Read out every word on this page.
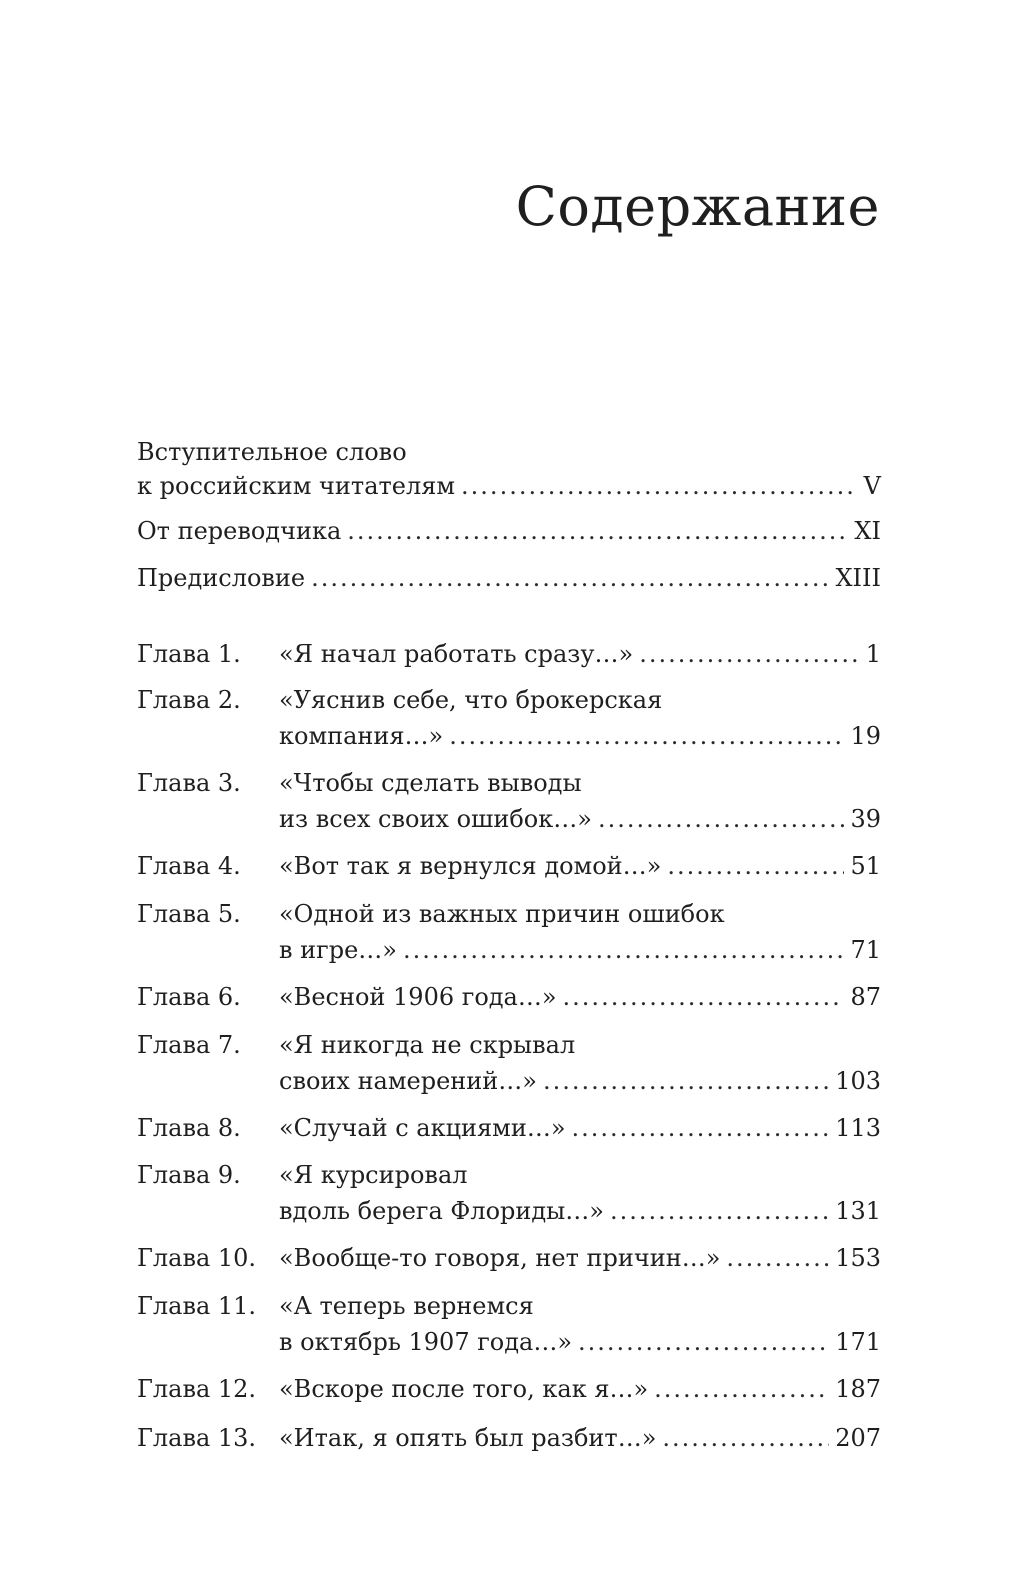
Содержание
Вступительное слово
к российским читателям .....	V
От переводчика .....	XI
Предисловие .....	XIII
Глава 1.	«Я начал работать сразу…» .....	1
Глава 2.	«Уяснив себе, что брокерская
компания…» .....	19
Глава 3.	«Чтобы сделать выводы
из всех своих ошибок…» .....	39
Глава 4.	«Вот так я вернулся домой…» .....	51
Глава 5.	«Одной из важных причин ошибок
в игре…» .....	71
Глава 6.	«Весной 1906 года…» .....	87
Глава 7.	«Я никогда не скрывал
своих намерений…» .....	103
Глава 8.	«Случай с акциями…» .....	113
Глава 9.	«Я курсировал
вдоль берега Флориды…» .....	131
Глава 10. «Вообще-то говоря, нет причин…» .....	153
Глава 11. «А теперь вернемся
в октябрь 1907 года…» .....	171
Глава 12. «Вскоре после того, как я…» .....	187
Глава 13. «Итак, я опять был разбит…» .....	207
